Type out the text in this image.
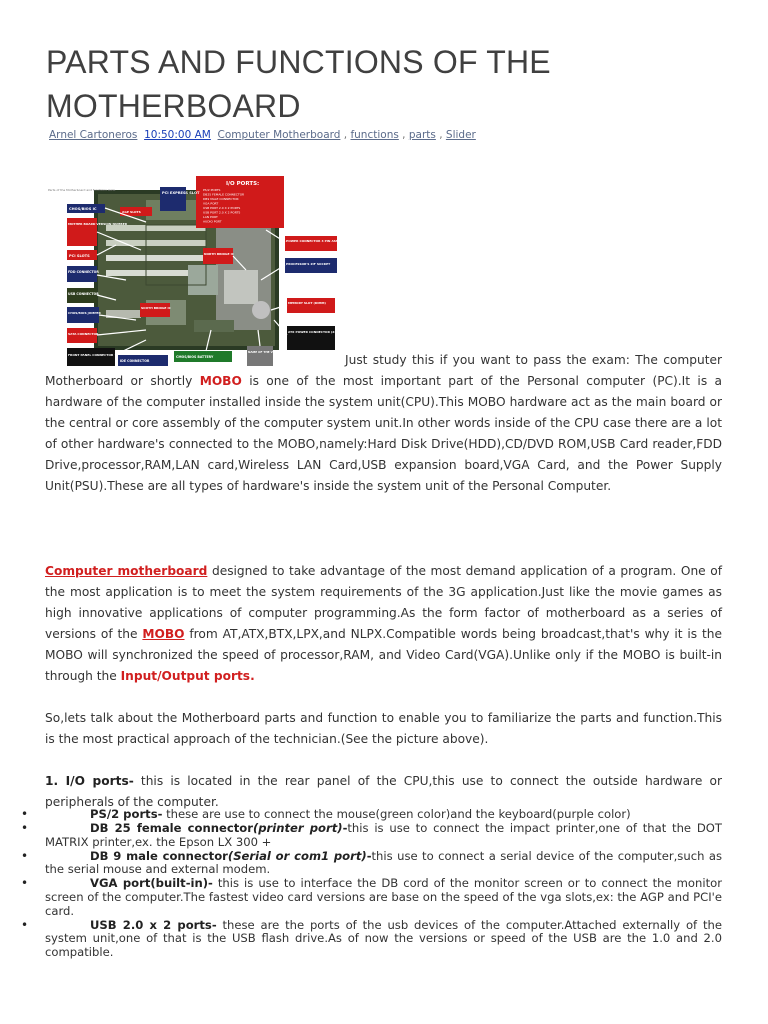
PARTS AND FUNCTIONS OF THE MOTHERBOARD
Arnel Cartoneros 10:50:00 AM Computer Motherboard , functions , parts , Slider
Parts of the Motherboard and functions www.
I/O PORTS:
PS/2 PORTS
DB25 FEMALE CONNECTOR
DB9 MALE CONNECTOR
VGA PORT
USB PORT 2.0 X 2 PORTS
USB PORT 2.0 X 2 PORTS
LAN PORT
AUDIO PORT
PCI EXPRESS SLOT
CHOS/BIOS IC
AGP SLOTS
MOTHER BOARD VERSION NUMBER
PCI SLOTS	NORTH BRIDGE IC
POWER CONNECTOR 4 PIN ASSIGNMENTS
PROCESSOR'S ZIF SOCKET
FDD CONNECTOR
USB CONNECTOR
CHOS/BIOS JUMPER
SOUTH BRIDGE IC
MEMORY SLOT (DIMM)
SATA CONNECTOR	ATX POWER CONNECTOR (24 PIN ASSIGNMENTS)
FRONT PANEL CONNECTOR
IDE CONNECTOR
CMOS/BIOS BATTERY
NAME OF THE VENDOR
Just study this if you want to pass the exam: The computer Motherboard or shortly MOBO is one of the most important part of the Personal computer (PC).It is a hardware of the computer installed inside the system unit(CPU).This MOBO hardware act as the main board or the central or core assembly of the computer system unit.In other words inside of the CPU case there are a lot of other hardware's connected to the MOBO,namely:Hard Disk Drive(HDD),CD/DVD ROM,USB Card reader,FDD Drive,processor,RAM,LAN card,Wireless LAN Card,USB expansion board,VGA Card, and the Power Supply Unit(PSU).These are all types of hardware's inside the system unit of the Personal Computer.
Computer motherboard designed to take advantage of the most demand application of a program. One of the most application is to meet the system requirements of the 3G application.Just like the movie games as high innovative applications of computer programming.As the form factor of motherboard as a series of versions of the MOBO from AT,ATX,BTX,LPX,and NLPX.Compatible words being broadcast,that's why it is the MOBO will synchronized the speed of processor,RAM, and Video Card(VGA).Unlike only if the MOBO is built-in through the Input/Output ports.
So,lets talk about the Motherboard parts and function to enable you to familiarize the parts and function.This is the most practical approach of the technician.(See the picture above).
1. I/O ports- this is located in the rear panel of the CPU,this use to connect the outside hardware or peripherals of the computer.
•	PS/2 ports- these are use to connect the mouse(green color)and the keyboard(purple color)
•	DB 25 female connector(printer port)-this is use to connect the impact printer,one of that the DOT MATRIX printer,ex. the Epson LX 300 +
•	DB 9 male connector(Serial or com1 port)-this use to connect a serial device of the computer,such as the serial mouse and external modem.
•	VGA port(built-in)- this is use to interface the DB cord of the monitor screen or to connect the monitor screen of the computer.The fastest video card versions are base on the speed of the vga slots,ex: the AGP and PCI'e card.
•	USB 2.0 x 2 ports- these are the ports of the usb devices of the computer.Attached externally of the system unit,one of that is the USB flash drive.As of now the versions or speed of the USB are the 1.0 and 2.0 compatible.
